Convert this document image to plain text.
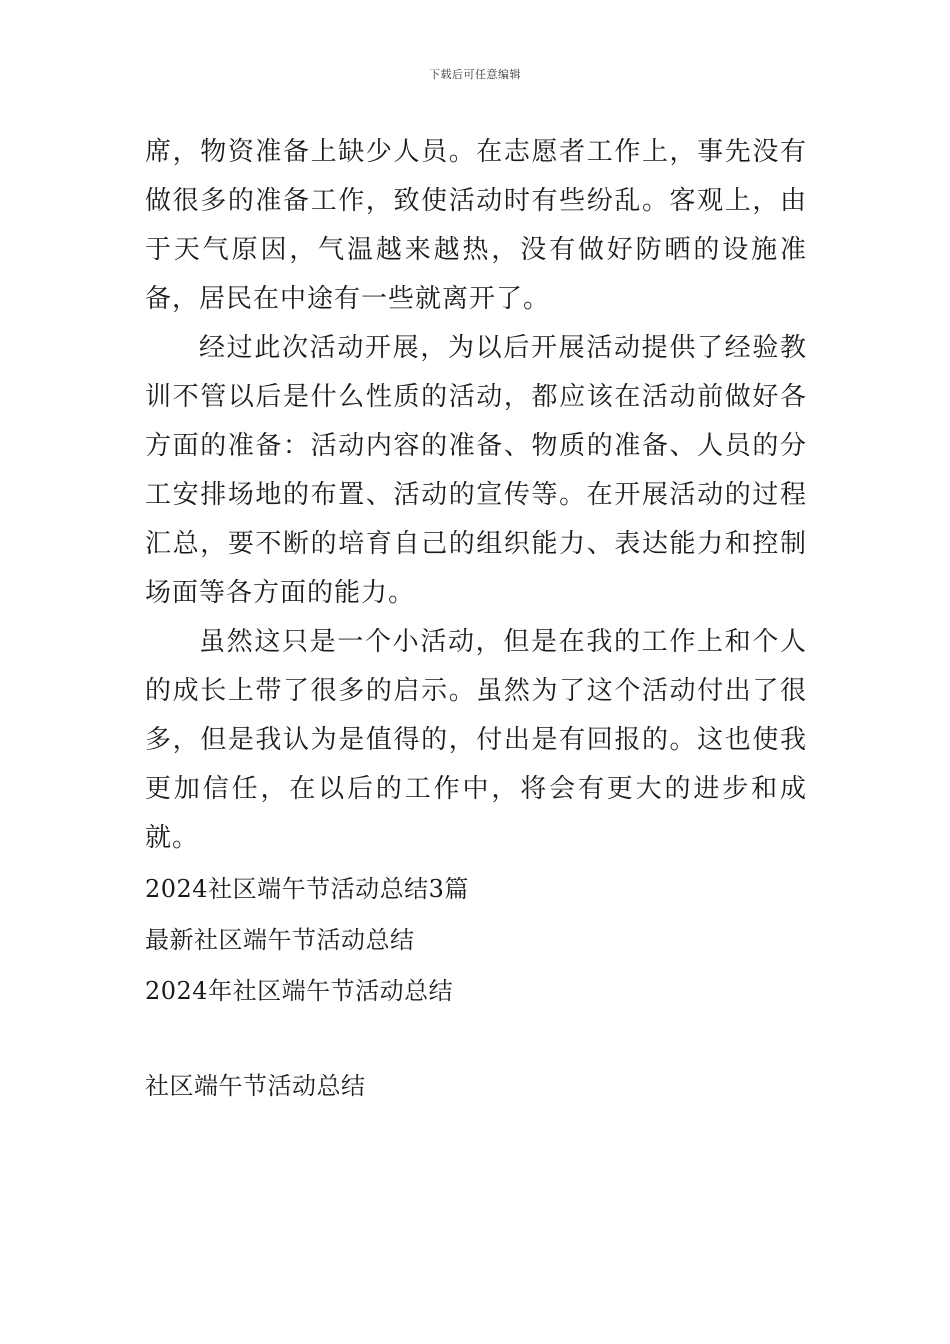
下载后可任意编辑

席，物资准备上缺少人员。在志愿者工作上，事先没有做很多的准备工作，致使活动时有些纷乱。客观上，由于天气原因，气温越来越热，没有做好防晒的设施准备，居民在中途有一些就离开了。

经过此次活动开展，为以后开展活动提供了经验教训不管以后是什么性质的活动，都应该在活动前做好各方面的准备：活动内容的准备、物质的准备、人员的分工安排场地的布置、活动的宣传等。在开展活动的过程汇总，要不断的培育自己的组织能力、表达能力和控制场面等各方面的能力。

虽然这只是一个小活动，但是在我的工作上和个人的成长上带了很多的启示。虽然为了这个活动付出了很多，但是我认为是值得的，付出是有回报的。这也使我更加信任，在以后的工作中，将会有更大的进步和成就。

2024社区端午节活动总结3篇

最新社区端午节活动总结

2024年社区端午节活动总结

社区端午节活动总结
